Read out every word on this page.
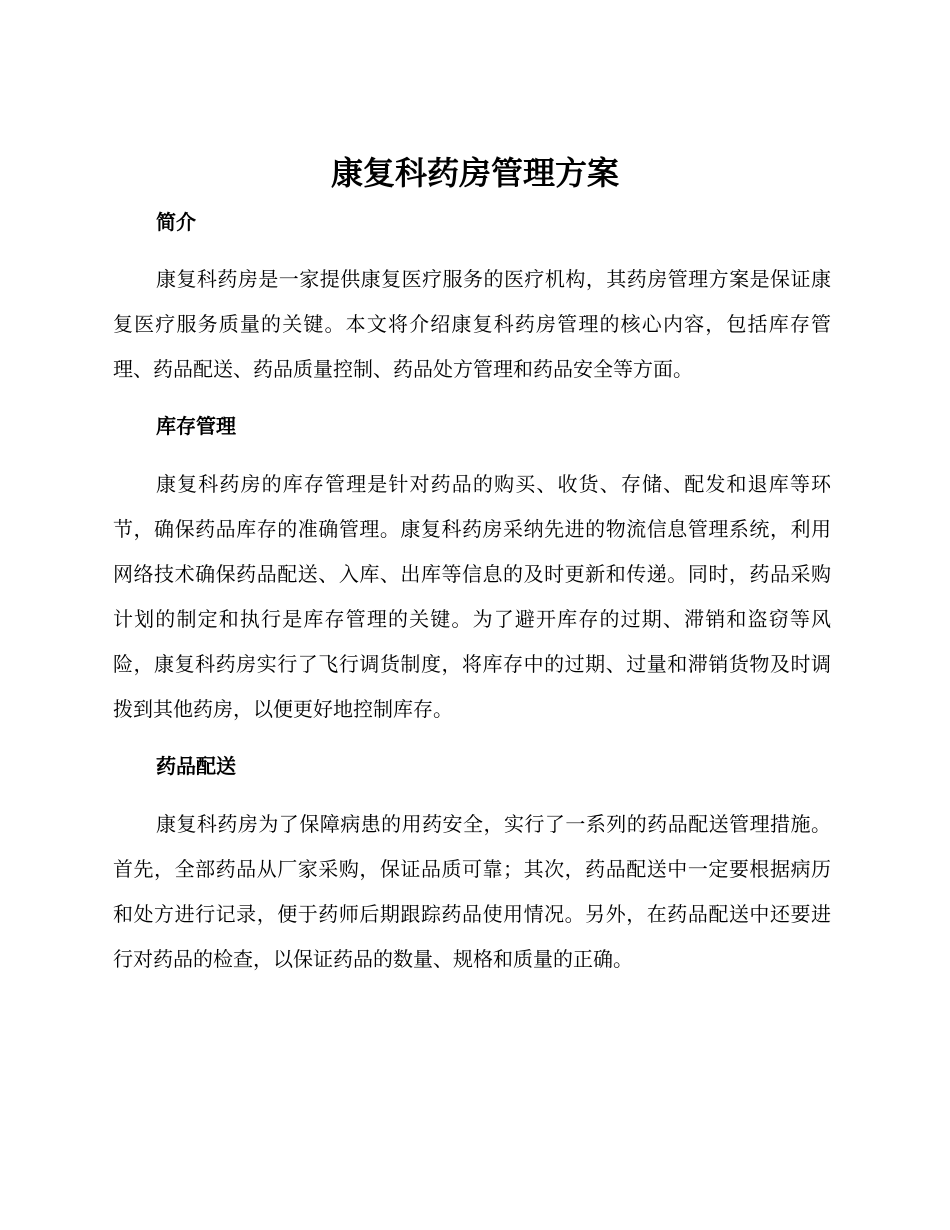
康复科药房管理方案
简介

康复科药房是一家提供康复医疗服务的医疗机构，其药房管理方案是保证康复医疗服务质量的关键。本文将介绍康复科药房管理的核心内容，包括库存管理、药品配送、药品质量控制、药品处方管理和药品安全等方面。

库存管理

康复科药房的库存管理是针对药品的购买、收货、存储、配发和退库等环节，确保药品库存的准确管理。康复科药房采纳先进的物流信息管理系统，利用网络技术确保药品配送、入库、出库等信息的及时更新和传递。同时，药品采购计划的制定和执行是库存管理的关键。为了避开库存的过期、滞销和盗窃等风险，康复科药房实行了飞行调货制度，将库存中的过期、过量和滞销货物及时调拨到其他药房，以便更好地控制库存。

药品配送

康复科药房为了保障病患的用药安全，实行了一系列的药品配送管理措施。首先，全部药品从厂家采购，保证品质可靠；其次，药品配送中一定要根据病历和处方进行记录，便于药师后期跟踪药品使用情况。另外，在药品配送中还要进行对药品的检查，以保证药品的数量、规格和质量的正确。
